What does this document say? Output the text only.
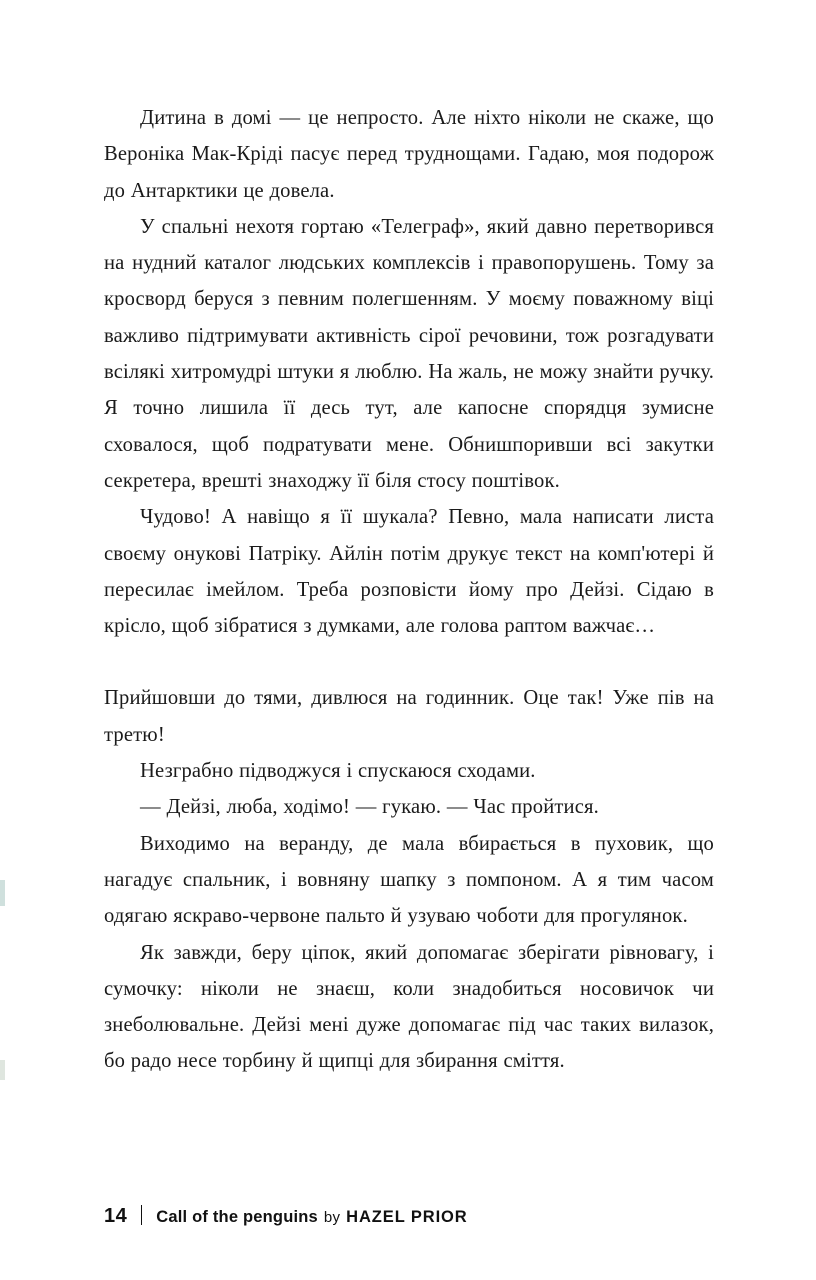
Дитина в домі — це непросто. Але ніхто ніколи не скаже, що Вероніка Мак-Кріді пасує перед труднощами. Гадаю, моя подорож до Антарктики це довела.

У спальні нехотя гортаю «Телеграф», який давно перетворився на нудний каталог людських комплексів і правопорушень. Тому за кросворд беруся з певним полегшенням. У моєму поважному віці важливо підтримувати активність сірої речовини, тож розгадувати всілякі хитромудрі штуки я люблю. На жаль, не можу знайти ручку. Я точно лишила її десь тут, але капосне спорядця зумисне сховалося, щоб подратувати мене. Обнишпоривши всі закутки секретера, врешті знаходжу її біля стосу поштівок.

Чудово! А навіщо я її шукала? Певно, мала написати листа своєму онукові Патріку. Айлін потім друкує текст на комп'ютері й пересилає імейлом. Треба розповісти йому про Дейзі. Сідаю в крісло, щоб зібратися з думками, але голова раптом важчає…

Прийшовши до тями, дивлюся на годинник. Оце так! Уже пів на третю!

Незграбно підводжуся і спускаюся сходами.

— Дейзі, люба, ходімо! — гукаю. — Час пройтися.

Виходимо на веранду, де мала вбирається в пуховик, що нагадує спальник, і вовняну шапку з помпоном. А я тим часом одягаю яскраво-червоне пальто й узуваю чоботи для прогулянок.

Як завжди, беру ціпок, який допомагає зберігати рівновагу, і сумочку: ніколи не знаєш, коли знадобиться носовичок чи знеболювальне. Дейзі мені дуже допомагає під час таких вилазок, бо радо несе торбину й щипці для збирання сміття.

14 Call of the penguins by HAZEL PRIOR
